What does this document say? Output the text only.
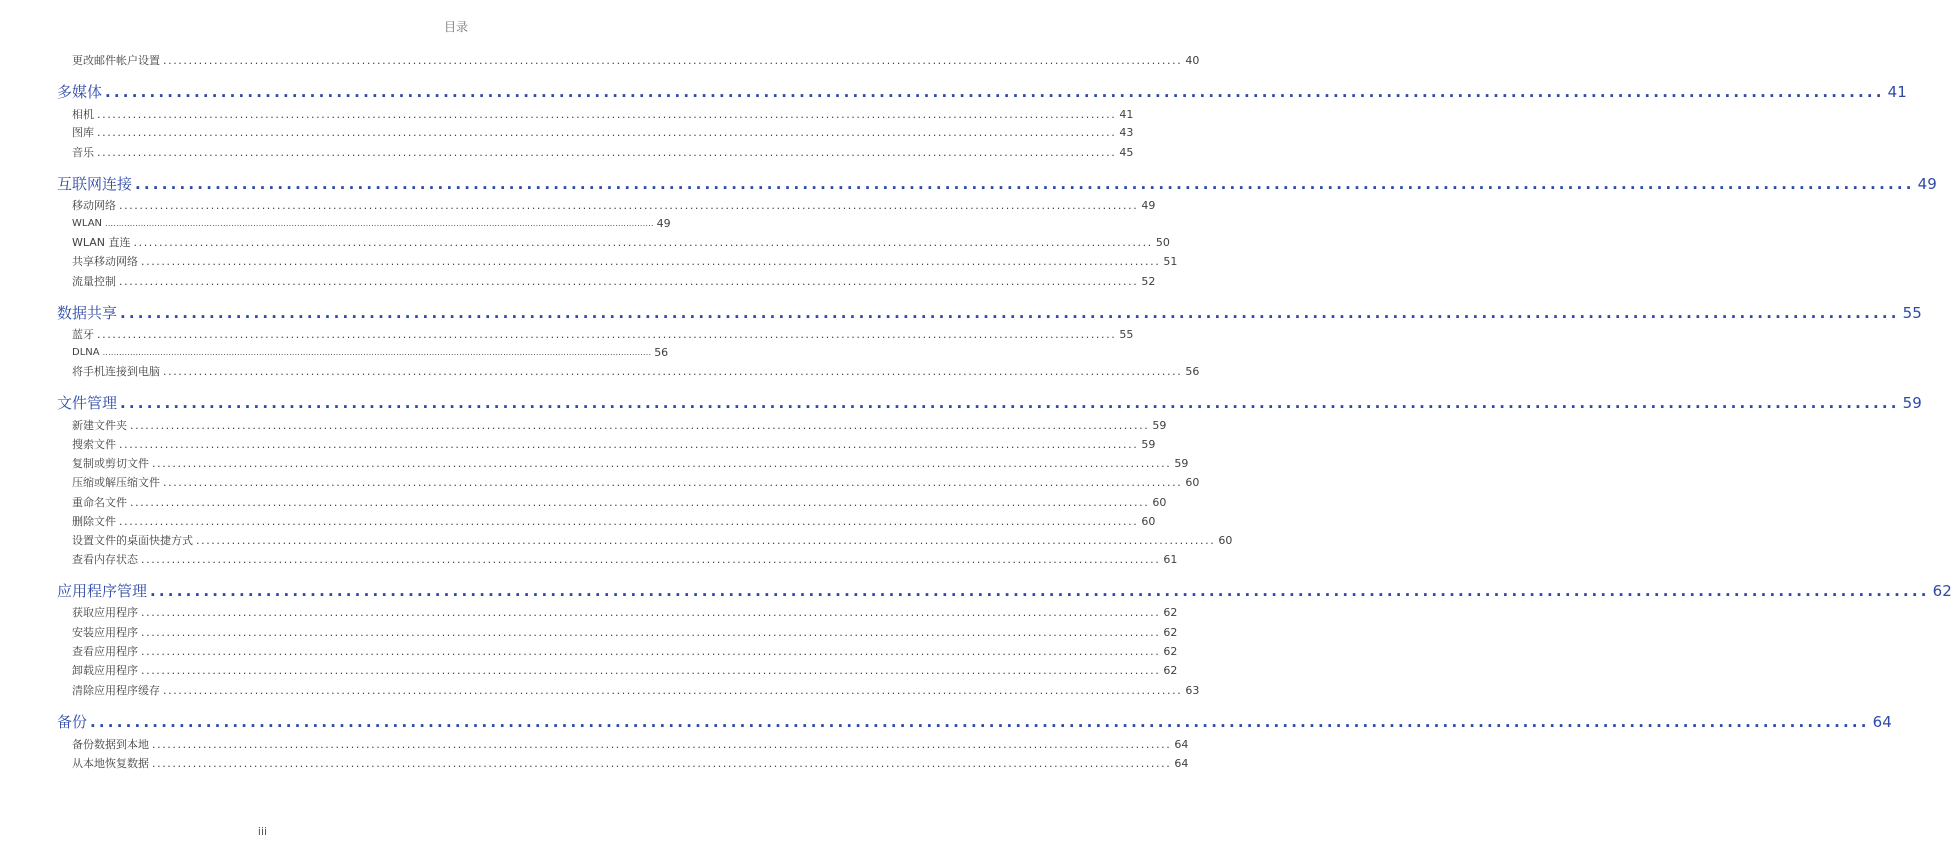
目录
更改邮件帐户设置 ........................................................................................................................................................................................................ 40
多媒体 ........................................................................................................................................................................................................ 41
相机 ........................................................................................................................................................................................................ 41
图库 ........................................................................................................................................................................................................ 43
音乐 ........................................................................................................................................................................................................ 45
互联网连接 ........................................................................................................................................................................................................ 49
移动网络 ........................................................................................................................................................................................................ 49
WLAN ........................................................................................................................................................................................................ 49
WLAN 直连 ........................................................................................................................................................................................................ 50
共享移动网络 ........................................................................................................................................................................................................ 51
流量控制 ........................................................................................................................................................................................................ 52
数据共享 ........................................................................................................................................................................................................ 55
蓝牙 ........................................................................................................................................................................................................ 55
DLNA ........................................................................................................................................................................................................ 56
将手机连接到电脑 ........................................................................................................................................................................................................ 56
文件管理 ........................................................................................................................................................................................................ 59
新建文件夹 ........................................................................................................................................................................................................ 59
搜索文件 ........................................................................................................................................................................................................ 59
复制或剪切文件 ........................................................................................................................................................................................................ 59
压缩或解压缩文件 ........................................................................................................................................................................................................ 60
重命名文件 ........................................................................................................................................................................................................ 60
删除文件 ........................................................................................................................................................................................................ 60
设置文件的桌面快捷方式 ........................................................................................................................................................................................................ 60
查看内存状态 ........................................................................................................................................................................................................ 61
应用程序管理 ........................................................................................................................................................................................................ 62
获取应用程序 ........................................................................................................................................................................................................ 62
安装应用程序 ........................................................................................................................................................................................................ 62
查看应用程序 ........................................................................................................................................................................................................ 62
卸载应用程序 ........................................................................................................................................................................................................ 62
清除应用程序缓存 ........................................................................................................................................................................................................ 63
备份 ........................................................................................................................................................................................................ 64
备份数据到本地 ........................................................................................................................................................................................................ 64
从本地恢复数据 ........................................................................................................................................................................................................ 64
iii
